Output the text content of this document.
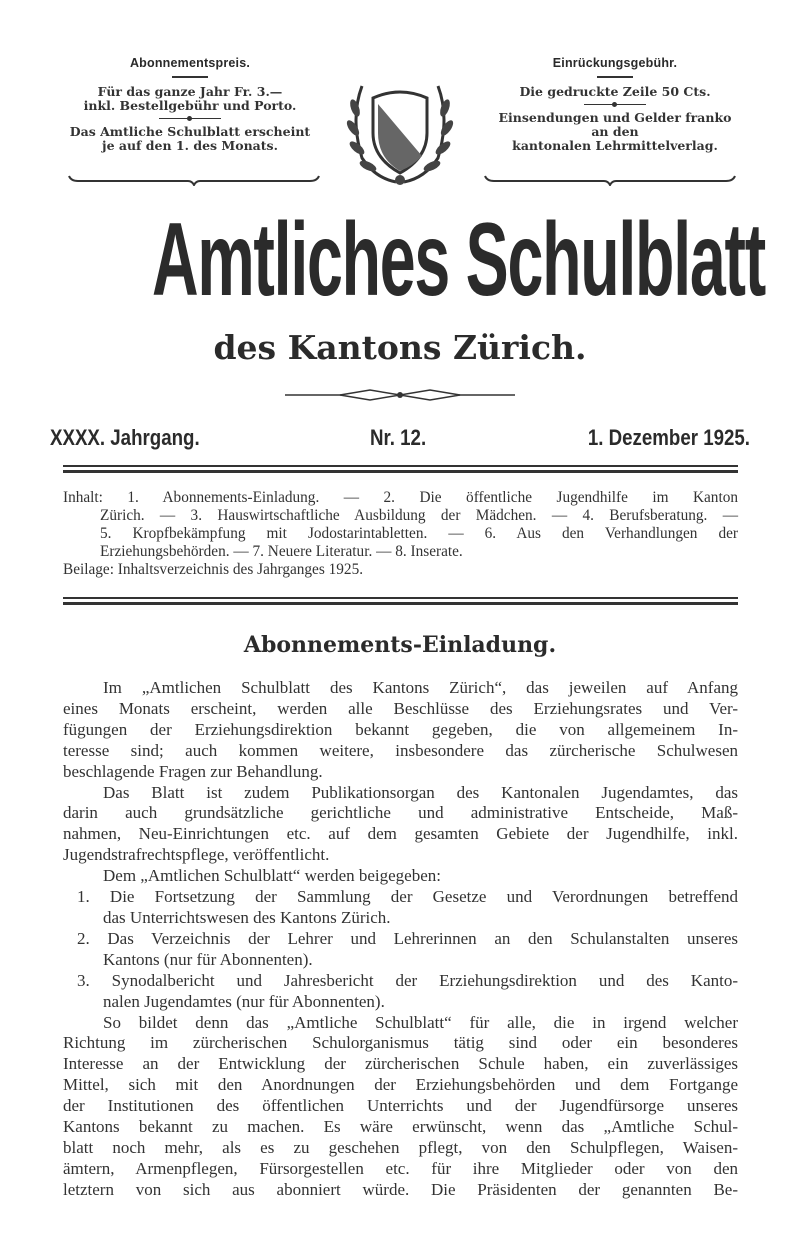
Abonnementspreis.
Für das ganze Jahr Fr. 3.—
inkl. Bestellgebühr und Porto.
Das Amtliche Schulblatt erscheint
je auf den 1. des Monats.
Einrückungsgebühr.
Die gedruckte Zeile 50 Cts.
Einsendungen und Gelder franko
an den
kantonalen Lehrmittelverlag.
Amtliches Schulblatt
des Kantons Zürich.
XXXX. Jahrgang.	Nr. 12.	1. Dezember 1925.
Inhalt: 1. Abonnements-Einladung. — 2. Die öffentliche Jugendhilfe im Kanton
Zürich. — 3. Hauswirtschaftliche Ausbildung der Mädchen. — 4. Berufsberatung. —
5. Kropfbekämpfung mit Jodostarintabletten. — 6. Aus den Verhandlungen der
Erziehungsbehörden. — 7. Neuere Literatur. — 8. Inserate.
Beilage: Inhaltsverzeichnis des Jahrganges 1925.
Abonnements-Einladung.
Im „Amtlichen Schulblatt des Kantons Zürich“, das jeweilen auf Anfang
eines Monats erscheint, werden alle Beschlüsse des Erziehungsrates und Ver-
fügungen der Erziehungsdirektion bekannt gegeben, die von allgemeinem In-
teresse sind; auch kommen weitere, insbesondere das zürcherische Schulwesen
beschlagende Fragen zur Behandlung.
Das Blatt ist zudem Publikationsorgan des Kantonalen Jugendamtes, das
darin auch grundsätzliche gerichtliche und administrative Entscheide, Maß-
nahmen, Neu-Einrichtungen etc. auf dem gesamten Gebiete der Jugendhilfe, inkl.
Jugendstrafrechtspflege, veröffentlicht.
Dem „Amtlichen Schulblatt“ werden beigegeben:
1. Die Fortsetzung der Sammlung der Gesetze und Verordnungen betreffend
das Unterrichtswesen des Kantons Zürich.
2. Das Verzeichnis der Lehrer und Lehrerinnen an den Schulanstalten unseres
Kantons (nur für Abonnenten).
3. Synodalbericht und Jahresbericht der Erziehungsdirektion und des Kanto-
nalen Jugendamtes (nur für Abonnenten).
So bildet denn das „Amtliche Schulblatt“ für alle, die in irgend welcher
Richtung im zürcherischen Schulorganismus tätig sind oder ein besonderes
Interesse an der Entwicklung der zürcherischen Schule haben, ein zuverlässiges
Mittel, sich mit den Anordnungen der Erziehungsbehörden und dem Fortgange
der Institutionen des öffentlichen Unterrichts und der Jugendfürsorge unseres
Kantons bekannt zu machen. Es wäre erwünscht, wenn das „Amtliche Schul-
blatt noch mehr, als es zu geschehen pflegt, von den Schulpflegen, Waisen-
ämtern, Armenpflegen, Fürsorgestellen etc. für ihre Mitglieder oder von den
letztern von sich aus abonniert würde. Die Präsidenten der genannten Be-
